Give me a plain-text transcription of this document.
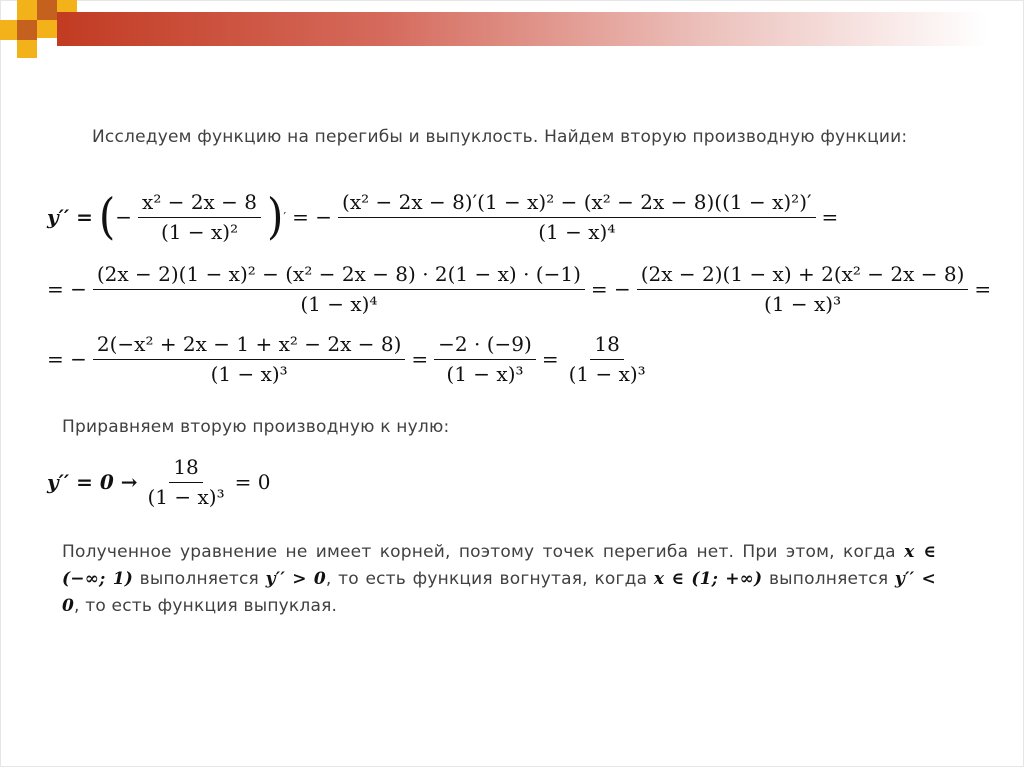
Исследуем функцию на перегибы и выпуклость. Найдем вторую производную функции:
y′′ = ( − $\frac{\text{x² − 2x − 8}}{\text{(1 − x)²}}$ ) ′ = − $\frac{\text{(x² − 2x − 8)′(1 − x)² − (x² − 2x − 8)((1 − x)²)′}}{\text{(1 − x)⁴}}$ =
= − $\frac{\text{(2x − 2)(1 − x)² − (x² − 2x − 8) · 2(1 − x) · (−1)}}{\text{(1 − x)⁴}}$ = − $\frac{\text{(2x − 2)(1 − x) + 2(x² − 2x − 8)}}{\text{(1 − x)³}}$ =
= − $\frac{\text{2(−x² + 2x − 1 + x² − 2x − 8)}}{\text{(1 − x)³}} = \frac{-2 \cdot (-9)}{\text{(1 − x)³}} = \frac{18}{\text{(1 − x)³}}$
Приравняем вторую производную к нулю:
$y'' = 0 \to \frac{18}{\text{(1 − x)³}} = 0$
Полученное уравнение не имеет корней, поэтому точек перегиба нет. При этом, когда x ∈ (−∞; 1) выполняется y′′ > 0, то есть функция вогнутая, когда x ∈ (1; +∞) выполняется y′′ < 0, то есть функция выпуклая.
